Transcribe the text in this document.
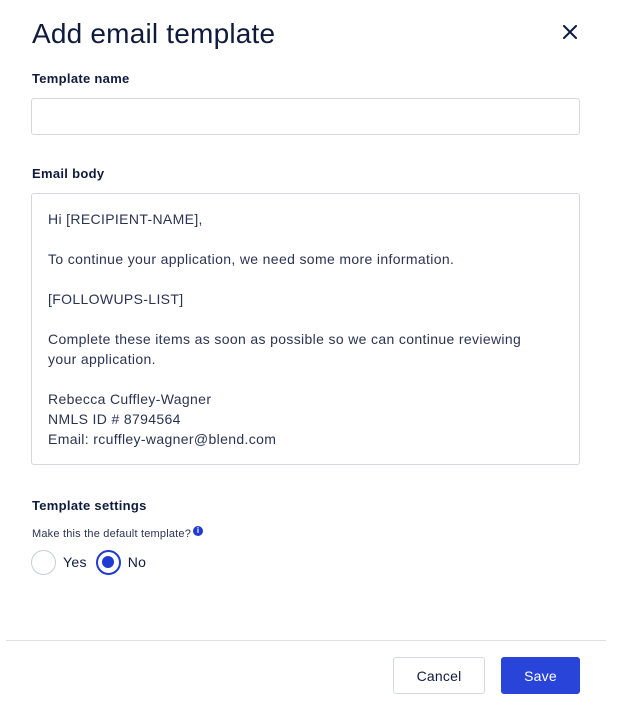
Add email template
Template name
Email body

Hi [RECIPIENT-NAME],

To continue your application, we need some more information.

[FOLLOWUPS-LIST]

Complete these items as soon as possible so we can continue reviewing

your application.

Rebecca Cuffley-Wagner

NMLS ID # 8794564

Email: rcuffley-wagner@blend.com

Template settings
Make this the default template? i
Yes	No
Cancel	Save
